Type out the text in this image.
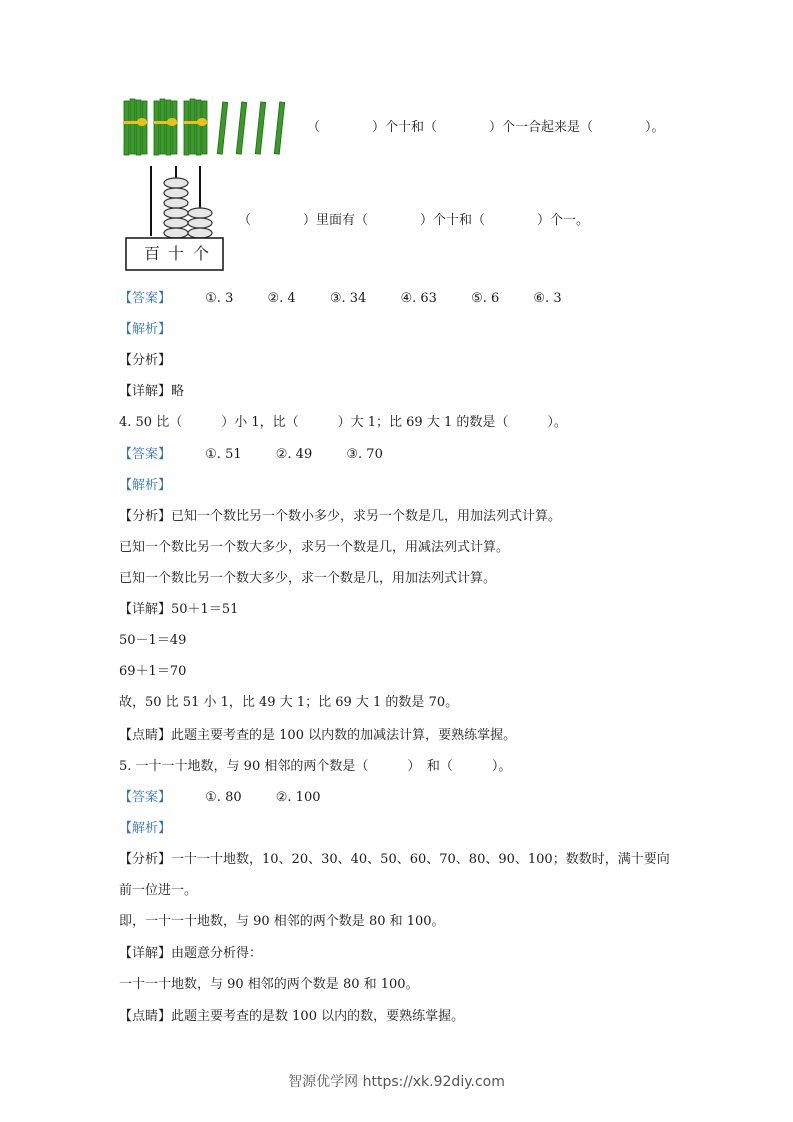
（　　　　）个十和（　　　　）个一合起来是（　　　　）。
百 十 个
（　　　　）里面有（　　　　）个十和（　　　　）个一。
【答案】	①. 3	②. 4	③. 34	④. 63	⑤. 6	⑥. 3
【解析】
【分析】
【详解】略
4. 50 比（　　　）小 1，比（　　　）大 1；比 69 大 1 的数是（　　　）。
【答案】	①. 51	②. 49	③. 70
【解析】
【分析】已知一个数比另一个数小多少，求另一个数是几，用加法列式计算。
已知一个数比另一个数大多少，求另一个数是几，用减法列式计算。
已知一个数比另一个数大多少，求一个数是几，用加法列式计算。
【详解】50＋1＝51
50－1＝49
69＋1＝70
故，50 比 51 小 1，比 49 大 1；比 69 大 1 的数是 70。
【点睛】此题主要考查的是 100 以内数的加减法计算，要熟练掌握。
5. 一十一十地数，与 90 相邻的两个数是（　　　）　和（　　　）。
【答案】	①. 80	②. 100
【解析】
【分析】一十一十地数，10、20、30、40、50、60、70、80、90、100；数数时，满十要向
前一位进一。
即，一十一十地数，与 90 相邻的两个数是 80 和 100。
【详解】由题意分析得：
一十一十地数，与 90 相邻的两个数是 80 和 100。
【点睛】此题主要考查的是数 100 以内的数，要熟练掌握。
智源优学网 https://xk.92diy.com
